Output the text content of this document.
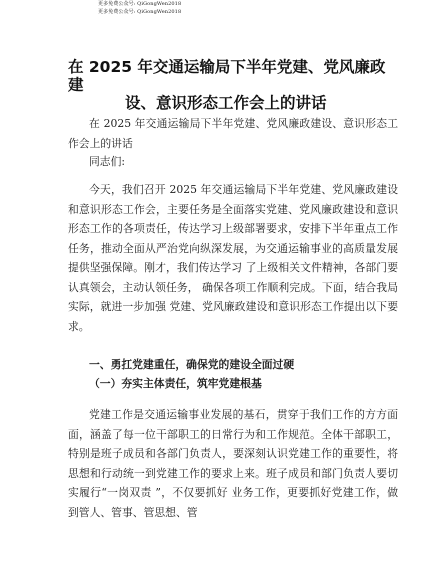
更多免费公众号: QiGongWen2018
更多免费公众号: QiGongWen2018
在 2025 年交通运输局下半年党建、党风廉政
建
设、意识形态工作会上的讲话
在 2025 年交通运输局下半年党建、党风廉政建设、意识形态工作会上的讲话
同志们:
今天，我们召开 2025 年交通运输局下半年党建、党风廉政建设和意识形态工作会，主要任务是全面落实党建、党风廉政建设和意识形态工作的各项责任，传达学习上级部署要求，安排下半年重点工作任务，推动全面从严治党向纵深发展，为交通运输事业的高质量发展提供坚强保障。刚才，我们传达学习 了上级相关文件精神，各部门要认真领会，主动认领任务， 确保各项工作顺利完成。下面，结合我局实际，就进一步加强 党建、党风廉政建设和意识形态工作提出以下要求。
一、勇扛党建重任，确保党的建设全面过硬
（一）夯实主体责任，筑牢党建根基
党建工作是交通运输事业发展的基石，贯穿于我们工作的方方面面，涵盖了每一位干部职工的日常行为和工作规范。全体干部职工，特别是班子成员和各部门负责人，要深刻认识党建工作的重要性，将思想和行动统一到党建工作的要求上来。班子成员和部门负责人要切实履行“一岗双责 ”，不仅要抓好 业务工作，更要抓好党建工作，做到管人、管事、管思想、管
